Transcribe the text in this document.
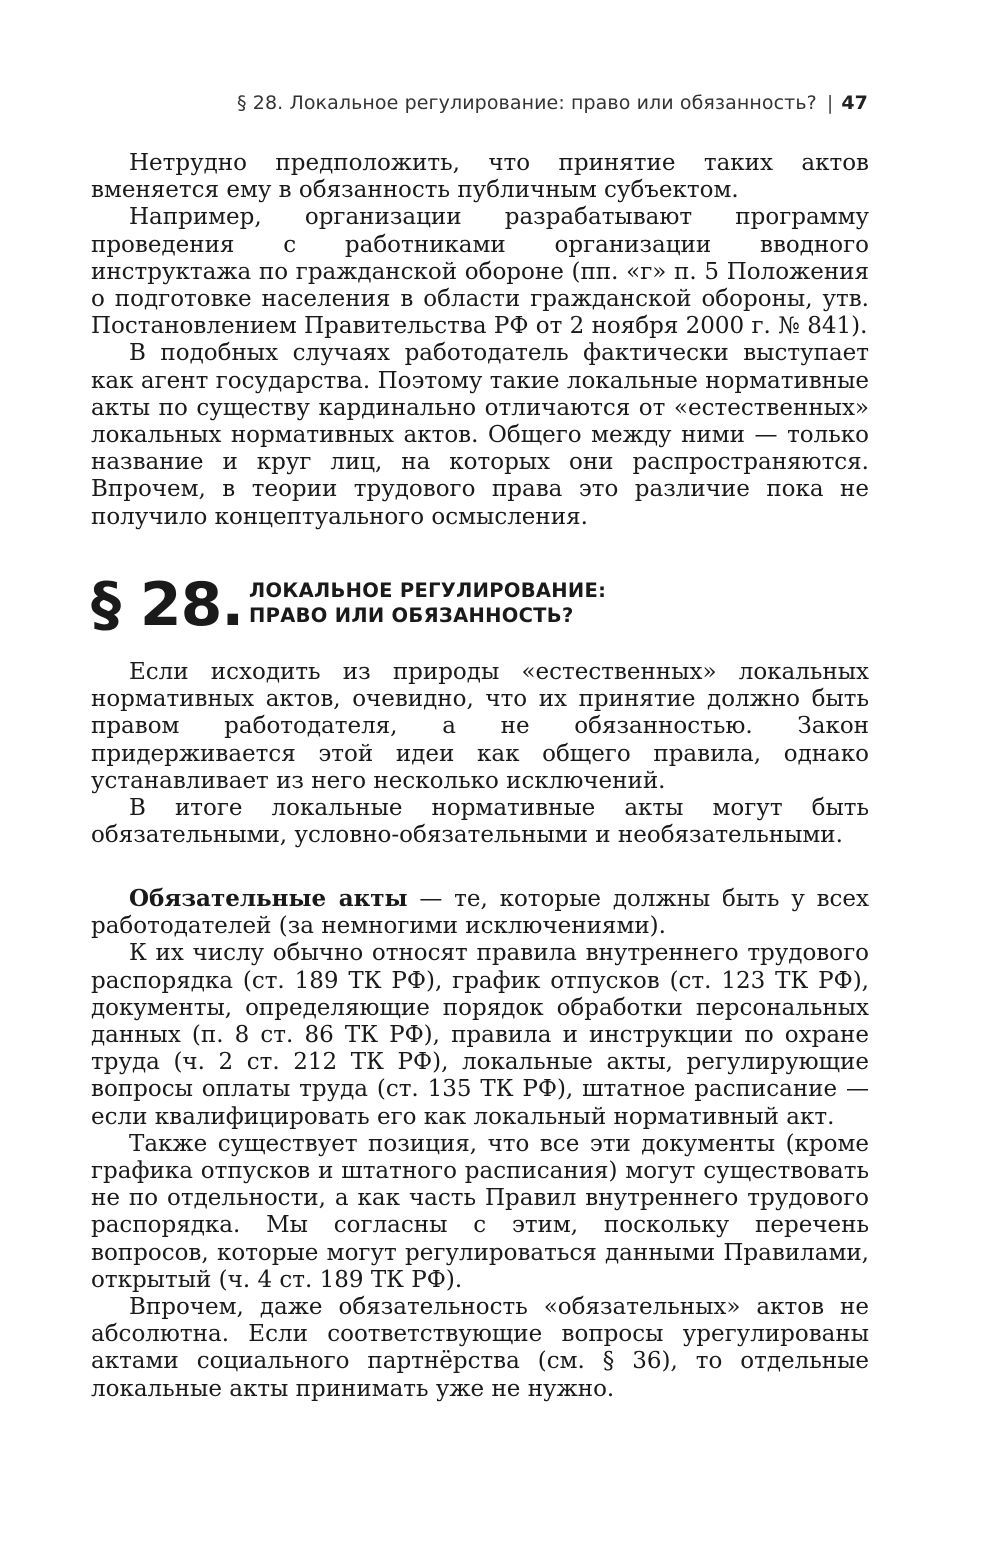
§ 28. Локальное регулирование: право или обязанность? | 47

Нетрудно предположить, что принятие таких актов вменяется ему в обязанность публичным субъектом.

Например, организации разрабатывают программу проведения с работниками организации вводного инструктажа по гражданской обороне (пп. «г» п. 5 Положения о подготовке населения в области гражданской обороны, утв. Постановлением Правительства РФ от 2 ноября 2000 г. № 841).

В подобных случаях работодатель фактически выступает как агент государства. Поэтому такие локальные нормативные акты по существу кардинально отличаются от «естественных» локальных нормативных актов. Общего между ними — только название и круг лиц, на которых они распространяются. Впрочем, в теории трудового права это различие пока не получило концептуального осмысления.

§ 28. ЛОКАЛЬНОЕ РЕГУЛИРОВАНИЕ:
ПРАВО ИЛИ ОБЯЗАННОСТЬ?

Если исходить из природы «естественных» локальных нормативных актов, очевидно, что их принятие должно быть правом работодателя, а не обязанностью. Закон придерживается этой идеи как общего правила, однако устанавливает из него несколько исключений.

В итоге локальные нормативные акты могут быть обязательными, условно-обязательными и необязательными.

Обязательные акты — те, которые должны быть у всех работодателей (за немногими исключениями).

К их числу обычно относят правила внутреннего трудового распорядка (ст. 189 ТК РФ), график отпусков (ст. 123 ТК РФ), документы, определяющие порядок обработки персональных данных (п. 8 ст. 86 ТК РФ), правила и инструкции по охране труда (ч. 2 ст. 212 ТК РФ), локальные акты, регулирующие вопросы оплаты труда (ст. 135 ТК РФ), штатное расписание — если квалифицировать его как локальный нормативный акт.

Также существует позиция, что все эти документы (кроме графика отпусков и штатного расписания) могут существовать не по отдельности, а как часть Правил внутреннего трудового распорядка. Мы согласны с этим, поскольку перечень вопросов, которые могут регулироваться данными Правилами, открытый (ч. 4 ст. 189 ТК РФ).

Впрочем, даже обязательность «обязательных» актов не абсолютна. Если соответствующие вопросы урегулированы актами социального партнёрства (см. § 36), то отдельные локальные акты принимать уже не нужно.
